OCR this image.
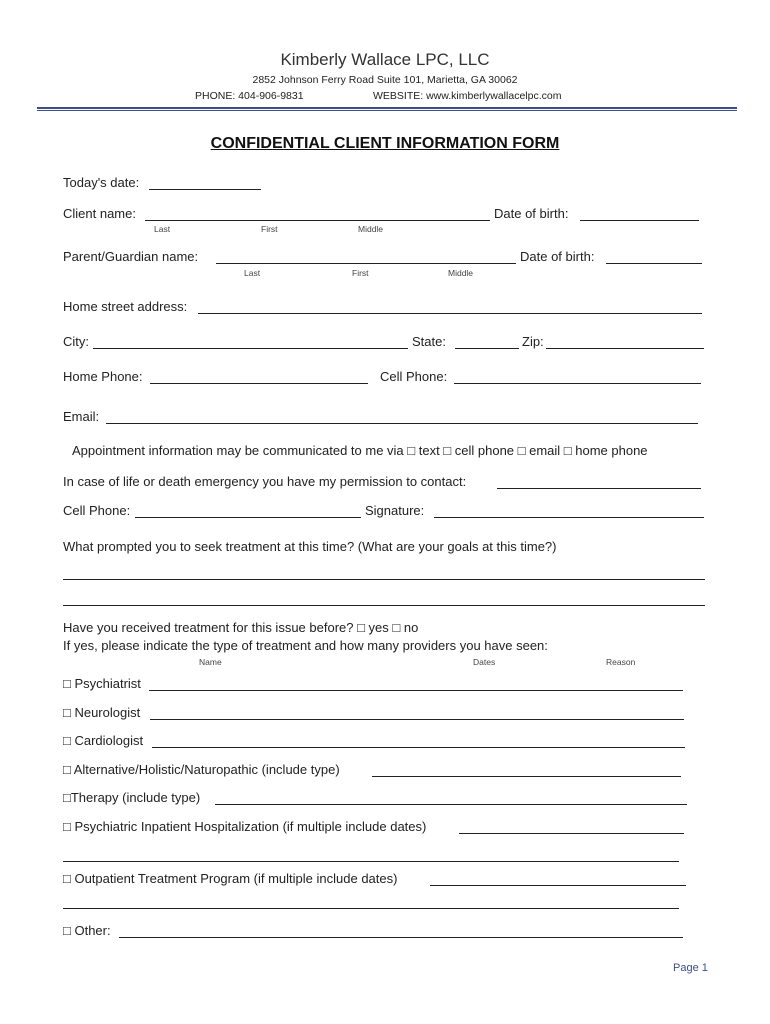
Kimberly Wallace LPC, LLC
2852 Johnson Ferry Road Suite 101, Marietta, GA 30062
PHONE: 404-906-9831	WEBSITE: www.kimberlywallacelpc.com
CONFIDENTIAL CLIENT INFORMATION FORM
Today's date:
Client name:	Date of birth:
Last	First	Middle
Parent/Guardian name:	Date of birth:
Last	First	Middle
Home street address:
City:	State:	Zip:
Home Phone:	Cell Phone:
Email:
Appointment information may be communicated to me via □ text □ cell phone □ email □ home phone
In case of life or death emergency you have my permission to contact:
Cell Phone:	Signature:
What prompted you to seek treatment at this time? (What are your goals at this time?)
Have you received treatment for this issue before? □ yes □ no
If yes, please indicate the type of treatment and how many providers you have seen:
Name	Dates	Reason
□ Psychiatrist
□ Neurologist
□ Cardiologist
□ Alternative/Holistic/Naturopathic (include type)
□Therapy (include type)
□ Psychiatric Inpatient Hospitalization (if multiple include dates)
□ Outpatient Treatment Program (if multiple include dates)
□ Other:
Page 1
